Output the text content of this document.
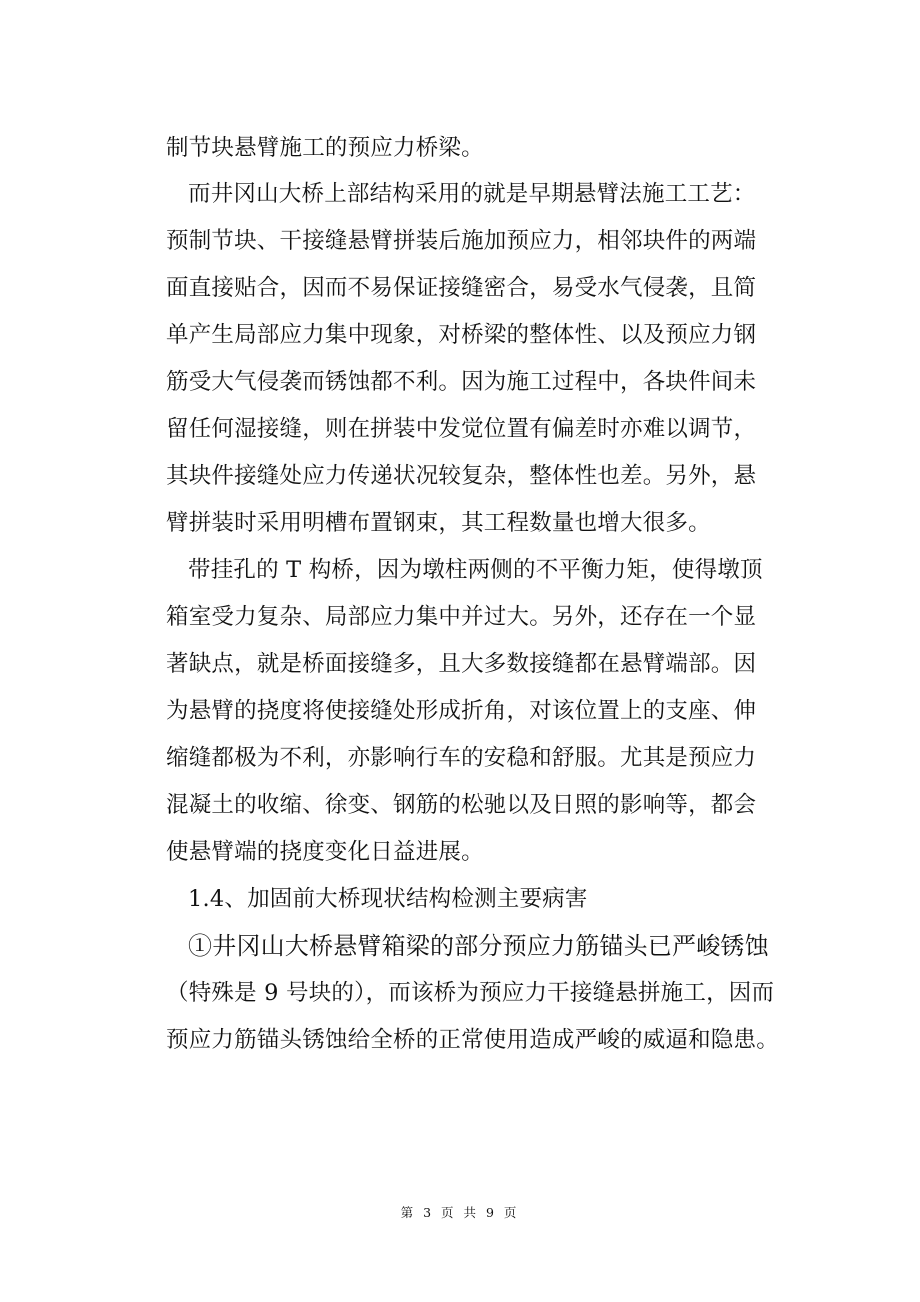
制节块悬臂施工的预应力桥梁。
而井冈山大桥上部结构采用的就是早期悬臂法施工工艺：
预制节块、干接缝悬臂拼装后施加预应力，相邻块件的两端
面直接贴合，因而不易保证接缝密合，易受水气侵袭，且简
单产生局部应力集中现象，对桥梁的整体性、以及预应力钢
筋受大气侵袭而锈蚀都不利。因为施工过程中，各块件间未
留任何湿接缝，则在拼装中发觉位置有偏差时亦难以调节，
其块件接缝处应力传递状况较复杂，整体性也差。另外，悬
臂拼装时采用明槽布置钢束，其工程数量也增大很多。
带挂孔的 T 构桥，因为墩柱两侧的不平衡力矩，使得墩顶
箱室受力复杂、局部应力集中并过大。另外，还存在一个显
著缺点，就是桥面接缝多，且大多数接缝都在悬臂端部。因
为悬臂的挠度将使接缝处形成折角，对该位置上的支座、伸
缩缝都极为不利，亦影响行车的安稳和舒服。尤其是预应力
混凝土的收缩、徐变、钢筋的松驰以及日照的影响等，都会
使悬臂端的挠度变化日益进展。
1.4、加固前大桥现状结构检测主要病害
①井冈山大桥悬臂箱梁的部分预应力筋锚头已严峻锈蚀
（特殊是 9 号块的），而该桥为预应力干接缝悬拼施工，因而
预应力筋锚头锈蚀给全桥的正常使用造成严峻的威逼和隐患。
第 3 页 共 9 页
